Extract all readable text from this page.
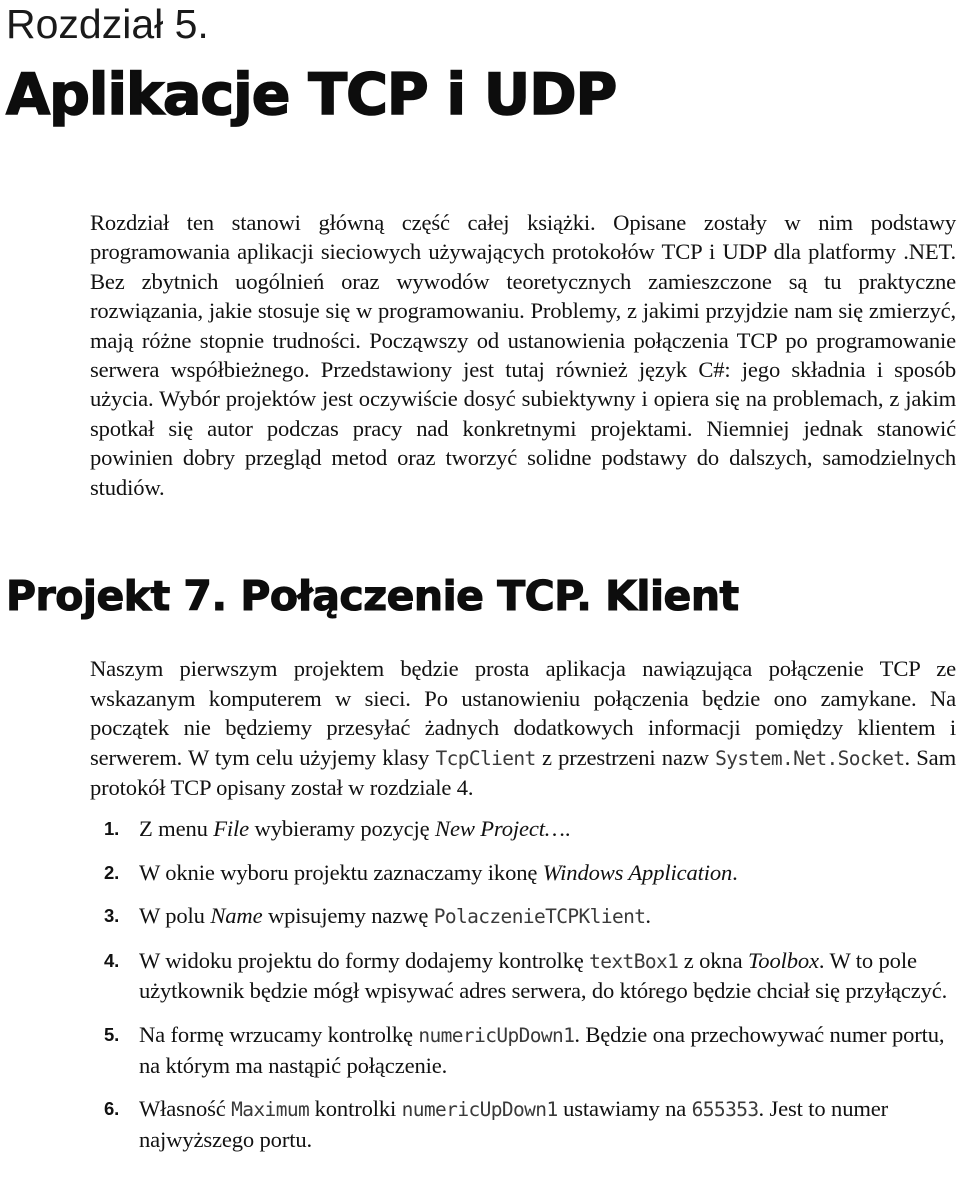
Rozdział 5.
Aplikacje TCP i UDP

Rozdział ten stanowi główną część całej książki. Opisane zostały w nim podstawy programowania aplikacji sieciowych używających protokołów TCP i UDP dla platformy .NET. Bez zbytnich uogólnień oraz wywodów teoretycznych zamieszczone są tu praktyczne rozwiązania, jakie stosuje się w programowaniu. Problemy, z jakimi przyjdzie nam się zmierzyć, mają różne stopnie trudności. Począwszy od ustanowienia połączenia TCP po programowanie serwera współbieżnego. Przedstawiony jest tutaj również język C#: jego składnia i sposób użycia. Wybór projektów jest oczywiście dosyć subiektywny i opiera się na problemach, z jakim spotkał się autor podczas pracy nad konkretnymi projektami. Niemniej jednak stanowić powinien dobry przegląd metod oraz tworzyć solidne podstawy do dalszych, samodzielnych studiów.

Projekt 7. Połączenie TCP. Klient

Naszym pierwszym projektem będzie prosta aplikacja nawiązująca połączenie TCP ze wskazanym komputerem w sieci. Po ustanowieniu połączenia będzie ono zamykane. Na początek nie będziemy przesyłać żadnych dodatkowych informacji pomiędzy klientem i serwerem. W tym celu użyjemy klasy TcpClient z przestrzeni nazw System.Net.​Socket. Sam protokół TCP opisany został w rozdziale 4.

1. Z menu File wybieramy pozycję New Project….
2. W oknie wyboru projektu zaznaczamy ikonę Windows Application.
3. W polu Name wpisujemy nazwę PolaczenieTCPKlient.
4. W widoku projektu do formy dodajemy kontrolkę textBox1 z okna Toolbox. W to pole użytkownik będzie mógł wpisywać adres serwera, do którego będzie chciał się przyłączyć.
5. Na formę wrzucamy kontrolkę numericUpDown1. Będzie ona przechowywać numer portu, na którym ma nastąpić połączenie.
6. Własność Maximum kontrolki numericUpDown1 ustawiamy na 655353. Jest to numer najwyższego portu.
